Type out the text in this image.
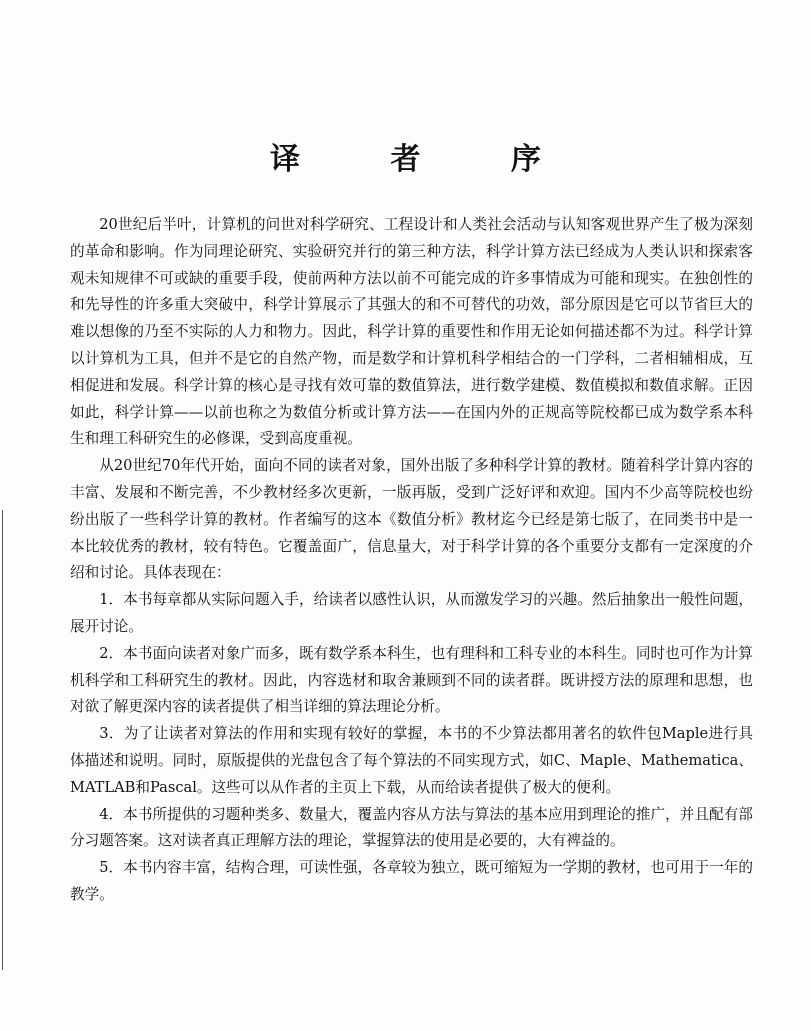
译 者 序

20世纪后半叶，计算机的问世对科学研究、工程设计和人类社会活动与认知客观世界产生了极为深刻的革命和影响。作为同理论研究、实验研究并行的第三种方法，科学计算方法已经成为人类认识和探索客观未知规律不可或缺的重要手段，使前两种方法以前不可能完成的许多事情成为可能和现实。在独创性的和先导性的许多重大突破中，科学计算展示了其强大的和不可替代的功效，部分原因是它可以节省巨大的难以想像的乃至不实际的人力和物力。因此，科学计算的重要性和作用无论如何描述都不为过。科学计算以计算机为工具，但并不是它的自然产物，而是数学和计算机科学相结合的一门学科，二者相辅相成，互相促进和发展。科学计算的核心是寻找有效可靠的数值算法，进行数学建模、数值模拟和数值求解。正因如此，科学计算——以前也称之为数值分析或计算方法——在国内外的正规高等院校都已成为数学系本科生和理工科研究生的必修课，受到高度重视。

从20世纪70年代开始，面向不同的读者对象，国外出版了多种科学计算的教材。随着科学计算内容的丰富、发展和不断完善，不少教材经多次更新，一版再版，受到广泛好评和欢迎。国内不少高等院校也纷纷出版了一些科学计算的教材。作者编写的这本《数值分析》教材迄今已经是第七版了，在同类书中是一本比较优秀的教材，较有特色。它覆盖面广，信息量大，对于科学计算的各个重要分支都有一定深度的介绍和讨论。具体表现在：

1．本书每章都从实际问题入手，给读者以感性认识，从而激发学习的兴趣。然后抽象出一般性问题，展开讨论。

2．本书面向读者对象广而多，既有数学系本科生，也有理科和工科专业的本科生。同时也可作为计算机科学和工科研究生的教材。因此，内容选材和取舍兼顾到不同的读者群。既讲授方法的原理和思想，也对欲了解更深内容的读者提供了相当详细的算法理论分析。

3．为了让读者对算法的作用和实现有较好的掌握，本书的不少算法都用著名的软件包Maple进行具体描述和说明。同时，原版提供的光盘包含了每个算法的不同实现方式，如C、Maple、Mathematica、MATLAB和Pascal。这些可以从作者的主页上下载，从而给读者提供了极大的便利。

4．本书所提供的习题种类多、数量大，覆盖内容从方法与算法的基本应用到理论的推广，并且配有部分习题答案。这对读者真正理解方法的理论，掌握算法的使用是必要的，大有裨益的。

5．本书内容丰富，结构合理，可读性强，各章较为独立，既可缩短为一学期的教材，也可用于一年的教学。
